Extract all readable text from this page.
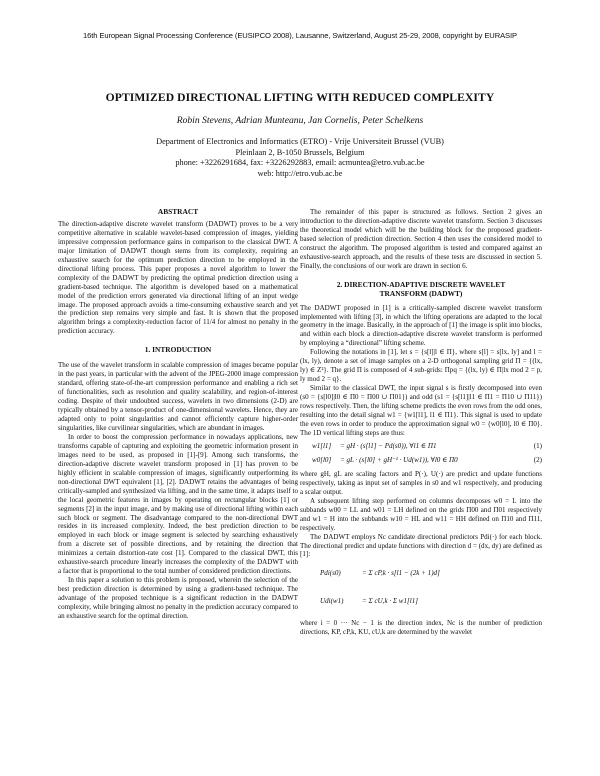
16th European Signal Processing Conference (EUSIPCO 2008), Lausanne, Switzerland, August 25-29, 2008, copyright by EURASIP
OPTIMIZED DIRECTIONAL LIFTING WITH REDUCED COMPLEXITY
Robin Stevens, Adrian Munteanu, Jan Cornelis, Peter Schelkens
Department of Electronics and Informatics (ETRO) - Vrije Universiteit Brussel (VUB)
Pleinlaan 2, B-1050 Brussels, Belgium
phone: +3226291684, fax: +3226292883, email: acmuntea@etro.vub.ac.be
web: http://etro.vub.ac.be

ABSTRACT

The direction-adaptive discrete wavelet transform (DADWT) proves to be a very competitive alternative in scalable wavelet-based compression of images, yielding impressive compression performance gains in comparison to the classical DWT. A major limitation of DADWT though stems from its complexity, requiring an exhaustive search for the optimum prediction direction to be employed in the directional lifting process. This paper proposes a novel algorithm to lower the complexity of the DADWT by predicting the optimal prediction direction using a gradient-based technique. The algorithm is developed based on a mathematical model of the prediction errors generated via directional lifting of an input wedge image. The proposed approach avoids a time-consuming exhaustive search and yet the prediction step remains very simple and fast. It is shown that the proposed algorithm brings a complexity-reduction factor of 11/4 for almost no penalty in the prediction accuracy.

1. INTRODUCTION

The use of the wavelet transform in scalable compression of images became popular in the past years, in particular with the advent of the JPEG-2000 image compression standard, offering state-of-the-art compression performance and enabling a rich set of functionalities, such as resolution and quality scalability, and region-of-interest coding. Despite of their undoubted success, wavelets in two dimensions (2-D) are typically obtained by a tensor-product of one-dimensional wavelets. Hence, they are adapted only to point singularities and cannot efficiently capture higher-order singularities, like curvilinear singularities, which are abundant in images.

In order to boost the compression performance in nowadays applications, new transforms capable of capturing and exploiting the geometric information present in images need to be used, as proposed in [1]-[9]. Among such transforms, the direction-adaptive discrete wavelet transform proposed in [1] has proven to be highly efficient in scalable compression of images, significantly outperforming its non-directional DWT equivalent [1], [2]. DADWT retains the advantages of being critically-sampled and synthesized via lifting, and in the same time, it adapts itself to the local geometric features in images by operating on rectangular blocks [1] or segments [2] in the input image, and by making use of directional lifting within each such block or segment. The disadvantage compared to the non-directional DWT resides in its increased complexity. Indeed, the best prediction direction to be employed in each block or image segment is selected by searching exhaustively from a discrete set of possible directions, and by retaining the direction that minimizes a certain distortion-rate cost [1]. Compared to the classical DWT, this exhaustive-search procedure linearly increases the complexity of the DADWT with a factor that is proportional to the total number of considered prediction directions.

In this paper a solution to this problem is proposed, wherein the selection of the best prediction direction is determined by using a gradient-based technique. The advantage of the proposed technique is a significant reduction in the DADWT complexity, while bringing almost no penalty in the prediction accuracy compared to an exhaustive search for the optimal direction.

The remainder of this paper is structured as follows. Section 2 gives an introduction to the direction-adaptive discrete wavelet transform. Section 3 discusses the theoretical model which will be the building block for the proposed gradient-based selection of prediction direction. Section 4 then uses the considered model to construct the algorithm. The proposed algorithm is tested and compared against an exhaustive-search approach, and the results of these tests are discussed in section 5. Finally, the conclusions of our work are drawn in section 6.

2. DIRECTION-ADAPTIVE DISCRETE WAVELET TRANSFORM (DADWT)

The DADWT proposed in [1] is a critically-sampled discrete wavelet transform implemented with lifting [3], in which the lifting operations are adapted to the local geometry in the image. Basically, in the approach of [1] the image is split into blocks, and within each block a direction-adaptive discrete wavelet transform is performed by employing a “directional” lifting scheme.

Following the notations in [1], let s = {s[l]|l ∈ Π}, where s[l] = s[lx, ly] and l = (lx, ly), denote a set of image samples on a 2-D orthogonal sampling grid Π = {(lx, ly) ∈ Z²}. The grid Π is composed of 4 sub-grids: Πpq = {(lx, ly) ∈ Π|lx mod 2 = p, ly mod 2 = q}.

Similar to the classical DWT, the input signal s is firstly decomposed into even (s0 = {s[l0]|l0 ∈ Π0 = Π00 ∪ Π01}) and odd (s1 = {s[l1]|l1 ∈ Π1 = Π10 ∪ Π11}) rows respectively. Then, the lifting scheme predicts the even rows from the odd ones, resulting into the detail signal w1 = {w1[l1], l1 ∈ Π1}. This signal is used to update the even rows in order to produce the approximation signal w0 = {w0[l0], l0 ∈ Π0}. The 1D vertical lifting steps are thus:

w1[l1] = gH · (s[l1] − Pd(s0)), ∀l1 ∈ Π1	(1)
w0[l0] = gL · (s[l0] + gH⁻¹ · Ud(w1)), ∀l0 ∈ Π0	(2)

where gH, gL are scaling factors and P(·), U(·) are predict and update functions respectively, taking as input set of samples in s0 and w1 respectively, and producing a scalar output.

A subsequent lifting step performed on columns decomposes w0 = L into the subbands w00 = LL and w01 = LH defined on the grids Π00 and Π01 respectively and w1 = H into the subbands w10 = HL and w11 = HH defined on Π10 and Π11, respectively.

The DADWT employs Nc candidate directional predictors Pdi(·) for each block. The directional predict and update functions with direction d = (dx, dy) are defined as [1]:

Pdi(s0)	= Σ cP,k · s[l1 − (2k + 1)d]
Udi(w1)	= Σ cU,k · Σ w1[l1]

where i = 0 ··· Nc − 1 is the direction index, Nc is the number of prediction directions, KP, cP,k, KU, cU,k are determined by the wavelet
